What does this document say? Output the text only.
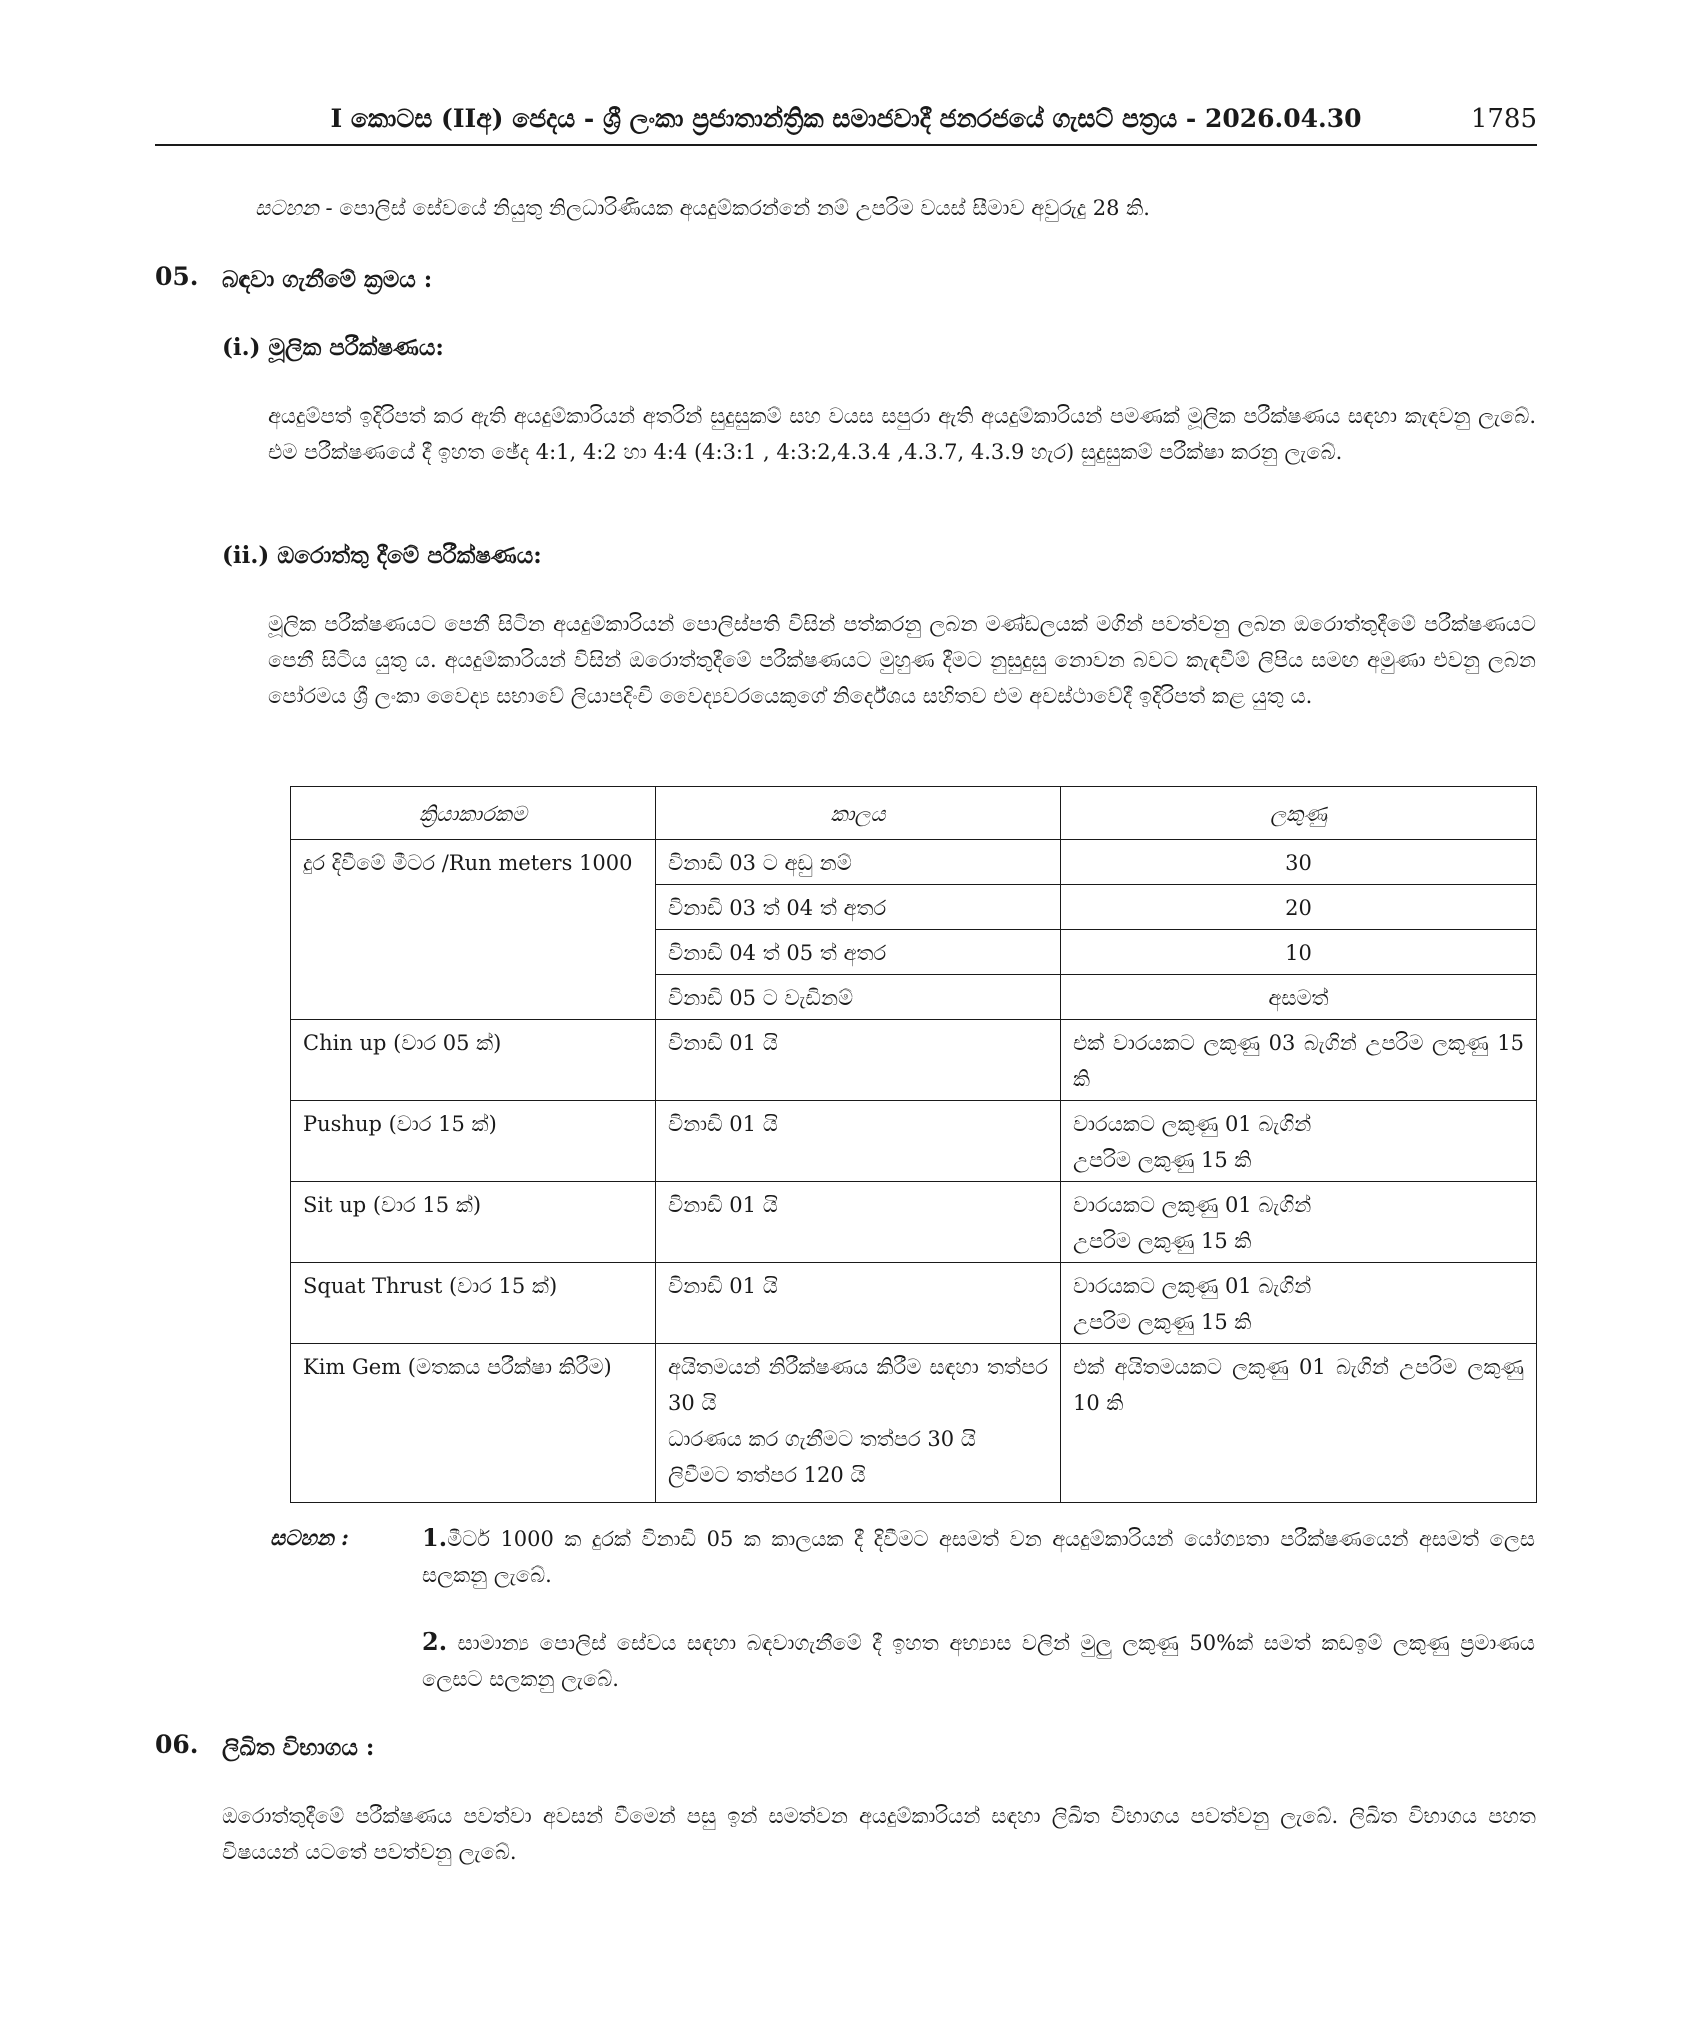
I කොටස (IIඅ) ජෙදය - ශ්‍රී ලංකා ප්‍රජාතාන්ත්‍රික සමාජවාදී ජනරජයේ ගැසට් පත්‍රය - 2026.04.30	1785
සටහන - පොලිස් සේවයේ නියුතු නිලධාරිණියක අයදුම්කරන්නේ නම් උපරිම වයස් සීමාව අවුරුදු 28 කි.
05. බඳවා ගැනීමේ ක්‍රමය :
(i.) මූලික පරීක්ෂණය:
අයදුම්පත් ඉදිරිපත් කර ඇති අයදුම්කාරියන් අතරින් සුදුසුකම් සහ වයස සපුරා ඇති අයදුම්කාරියන් පමණක් මූලික පරීක්ෂණය සඳහා කැඳවනු ලැබේ. එම පරීක්ෂණයේ දී ඉහත ඡේද 4:1, 4:2 හා 4:4 (4:3:1 , 4:3:2,4.3.4 ,4.3.7, 4.3.9 හැර) සුදුසුකම් පරීක්ෂා කරනු ලැබේ.
(ii.) ඔරොත්තු දීමේ පරීක්ෂණය:
මූලික පරීක්ෂණයට පෙනී සිටින අයදුම්කාරියන් පොලිස්පති විසින් පත්කරනු ලබන මණ්ඩලයක් මගින් පවත්වනු ලබන ඔරොත්තුදීමේ පරීක්ෂණයට පෙනී සිටිය යුතු ය. අයදුම්කාරියන් විසින් ඔරොත්තුදීමේ පරීක්ෂණයට මුහුණ දීමට නුසුදුසු නොවන බවට කැඳවීම් ලිපිය සමඟ අමුණා එවනු ලබන පෝරමය ශ්‍රී ලංකා වෛද්‍ය සභාවේ ලියාපදිංචි වෛද්‍යවරයෙකුගේ නිර්දේශය සහිතව එම අවස්ථාවේදී ඉදිරිපත් කළ යුතු ය.
ක්‍රියාකාරකම	කාලය	ලකුණු
දුර දිවීමේ මීටර /Run meters 1000	විනාඩි 03 ට අඩු නම්	30
	විනාඩි 03 ත් 04 ත් අතර	20
	විනාඩි 04 ත් 05 ත් අතර	10
	විනාඩි 05 ට වැඩිනම්	අසමත්
Chin up (වාර 05 ක්)	විනාඩි 01 යි	එක් වාරයකට ලකුණු 03 බැගින් උපරිම ලකුණු 15 කි
Pushup (වාර 15 ක්)	විනාඩි 01 යි	වාරයකට ලකුණු 01 බැගින්
උපරිම ලකුණු 15 කි

Sit up (වාර 15 ක්)	විනාඩි 01 යි	වාරයකට ලකුණු 01 බැගින්
උපරිම ලකුණු 15 කි

Squat Thrust (වාර 15 ක්)	විනාඩි 01 යි	වාරයකට ලකුණු 01 බැගින්
උපරිම ලකුණු 15 කි

Kim Gem (මතකය පරීක්ෂා කිරීම)	අයිතමයන් නිරීක්ෂණය කිරීම සඳහා තත්පර 30 යි
ධාරණය කර ගැනීමට තත්පර 30 යි
ලිවීමට තත්පර 120 යි	එක් අයිතමයකට ලකුණු 01 බැගින් උපරිම ලකුණු 10 කි
සටහන :	1.මීටර් 1000 ක දුරක් විනාඩි 05 ක කාලයක දී දිවීමට අසමත් වන අයදුම්කාරියන් යෝග්‍යතා පරීක්ෂණයෙන් අසමත් ලෙස සලකනු ලැබේ.
2. සාමාන්‍ය පොලිස් සේවය සඳහා බඳවාගැනීමේ දී ඉහත අභ්‍යාස වලින් මුලු ලකුණු 50%ක් සමත් කඩඉම් ලකුණු ප්‍රමාණය ලෙසට සලකනු ලැබේ.
06. ලිඛිත විභාගය :
ඔරොත්තුදීමේ පරීක්ෂණය පවත්වා අවසන් වීමෙන් පසු ඉන් සමත්වන අයදුම්කාරියන් සඳහා ලිඛිත විභාගය පවත්වනු ලැබේ. ලිඛිත විභාගය පහත විෂයයන් යටතේ පවත්වනු ලැබේ.
